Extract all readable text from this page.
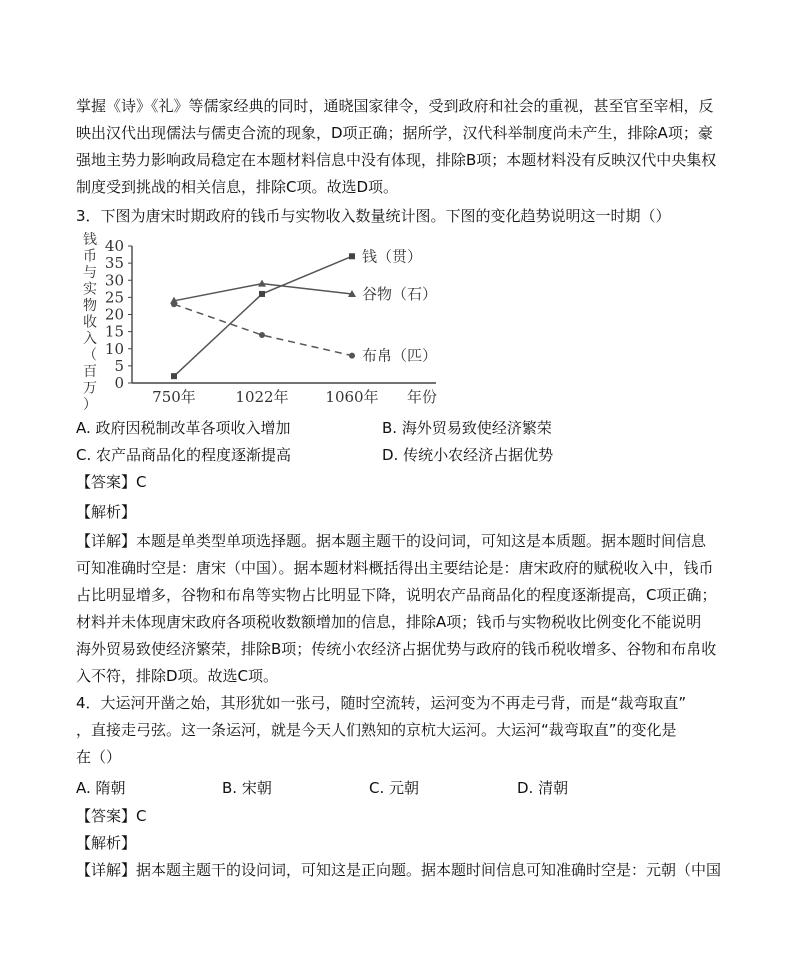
掌握《诗》《礼》等儒家经典的同时，通晓国家律令，受到政府和社会的重视，甚至官至宰相，反
映出汉代出现儒法与儒吏合流的现象，D项正确；据所学，汉代科举制度尚未产生，排除A项；豪
强地主势力影响政局稳定在本题材料信息中没有体现，排除B项；本题材料没有反映汉代中央集权
制度受到挑战的相关信息，排除C项。故选D项。
3．下图为唐宋时期政府的钱币与实物收入数量统计图。下图的变化趋势说明这一时期（）
0
5
10
15
20
25
30
35
40
钱币与实物收入（百万）	750年	1022年 1060年 年份
钱（贯）
谷物（石）
布帛（匹）
A. 政府因税制改革各项收入增加	B. 海外贸易致使经济繁荣
C. 农产品商品化的程度逐渐提高	D. 传统小农经济占据优势
【答案】C
【解析】
【详解】本题是单类型单项选择题。据本题主题干的设问词，可知这是本质题。据本题时间信息
可知准确时空是：唐宋（中国）。据本题材料概括得出主要结论是：唐宋政府的赋税收入中，钱币
占比明显增多，谷物和布帛等实物占比明显下降，说明农产品商品化的程度逐渐提高，C项正确；
材料并未体现唐宋政府各项税收数额增加的信息，排除A项；钱币与实物税收比例变化不能说明
海外贸易致使经济繁荣，排除B项；传统小农经济占据优势与政府的钱币税收增多、谷物和布帛收
入不符，排除D项。故选C项。
4．大运河开凿之始，其形犹如一张弓，随时空流转，运河变为不再走弓背，而是“裁弯取直”
，直接走弓弦。这一条运河，就是今天人们熟知的京杭大运河。大运河“裁弯取直”的变化是
在（）
A. 隋朝	B. 宋朝	C. 元朝	D. 清朝
【答案】C
【解析】
【详解】据本题主题干的设问词，可知这是正向题。据本题时间信息可知准确时空是：元朝（中国
